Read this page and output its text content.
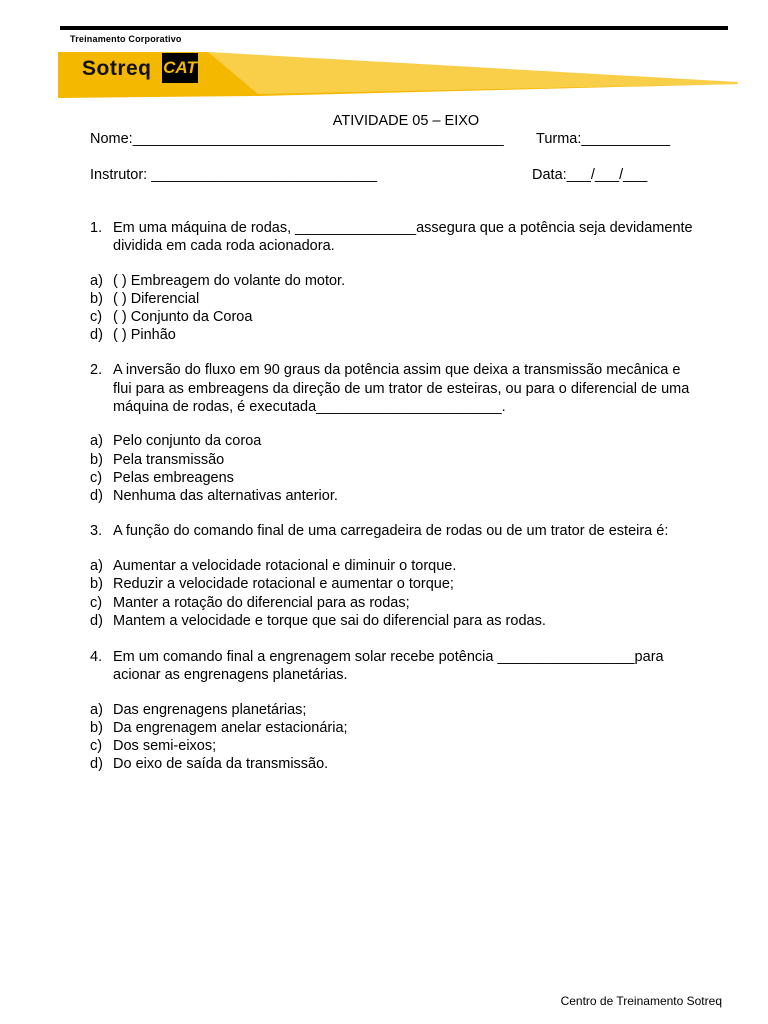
Treinamento Corporativo
Sotreq CAT
ATIVIDADE 05 – EIXO
Nome:______________________________________________ Turma:___________
Instrutor: ____________________________	Data:___/___/___
1. Em uma máquina de rodas, _______________assegura que a potência seja devidamente
dividida em cada roda acionadora.
a) ( ) Embreagem do volante do motor.
b) ( ) Diferencial
c) ( ) Conjunto da Coroa
d) ( ) Pinhão
2. A inversão do fluxo em 90 graus da potência assim que deixa a transmissão mecânica e
flui para as embreagens da direção de um trator de esteiras, ou para o diferencial de uma
máquina de rodas, é executada_______________________.
a) Pelo conjunto da coroa
b) Pela transmissão
c) Pelas embreagens
d) Nenhuma das alternativas anterior.
3. A função do comando final de uma carregadeira de rodas ou de um trator de esteira é:
a) Aumentar a velocidade rotacional e diminuir o torque.
b) Reduzir a velocidade rotacional e aumentar o torque;
c) Manter a rotação do diferencial para as rodas;
d) Mantem a velocidade e torque que sai do diferencial para as rodas.
4. Em um comando final a engrenagem solar recebe potência _________________para
acionar as engrenagens planetárias.
a) Das engrenagens planetárias;
b) Da engrenagem anelar estacionária;
c) Dos semi-eixos;
d) Do eixo de saída da transmissão.
Centro de Treinamento Sotreq
